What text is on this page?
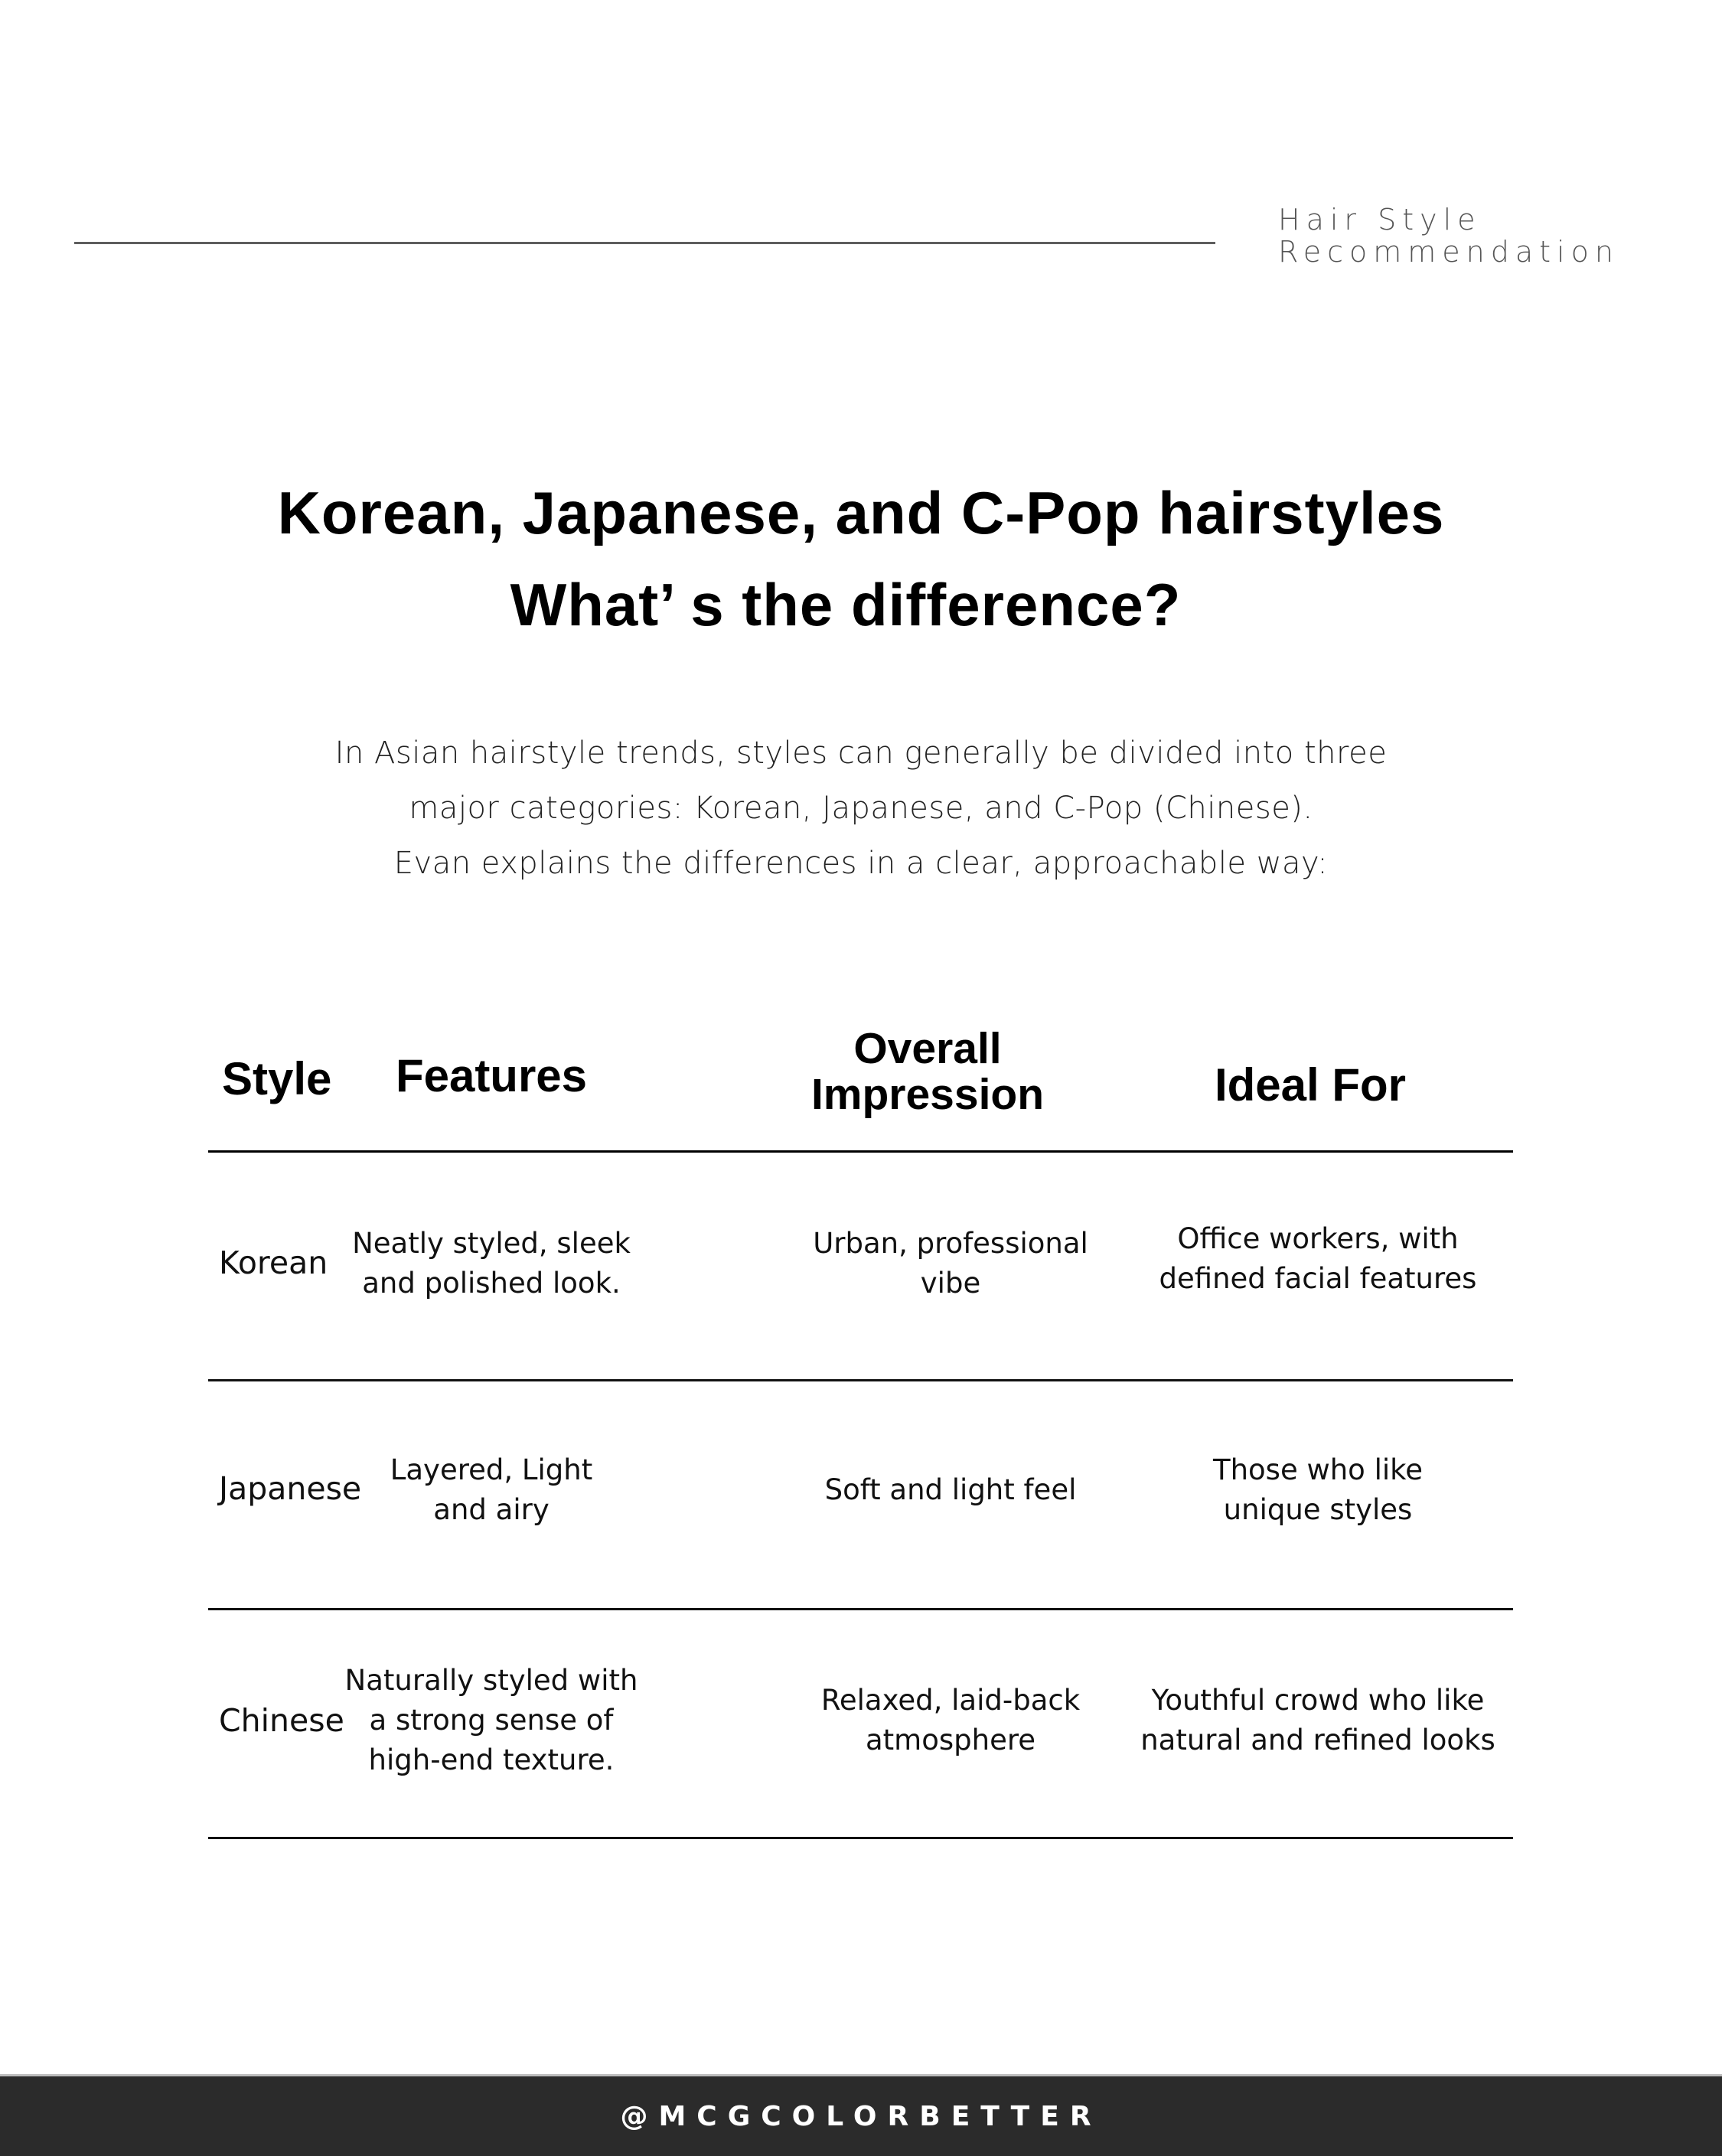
Hair Style
Recommendation
Korean, Japanese, and C-Pop hairstyles
What’ s the difference?
In Asian hairstyle trends, styles can generally be divided into three
major categories: Korean, Japanese, and C-Pop (Chinese).
Evan explains the differences in a clear, approachable way:
Style	Features
Overall
Impression	Ideal For
Korean
Neatly styled, sleek
and polished look.
Urban, professional
vibe
Office workers, with
defined facial features
Japanese
Layered, Light
and airy
Soft and light feel
Those who like
unique styles
Chinese
Naturally styled with
a strong sense of
high-end texture.
Relaxed, laid-back
atmosphere
Youthful crowd who like
natural and refined looks
@MCGCOLORBETTER
